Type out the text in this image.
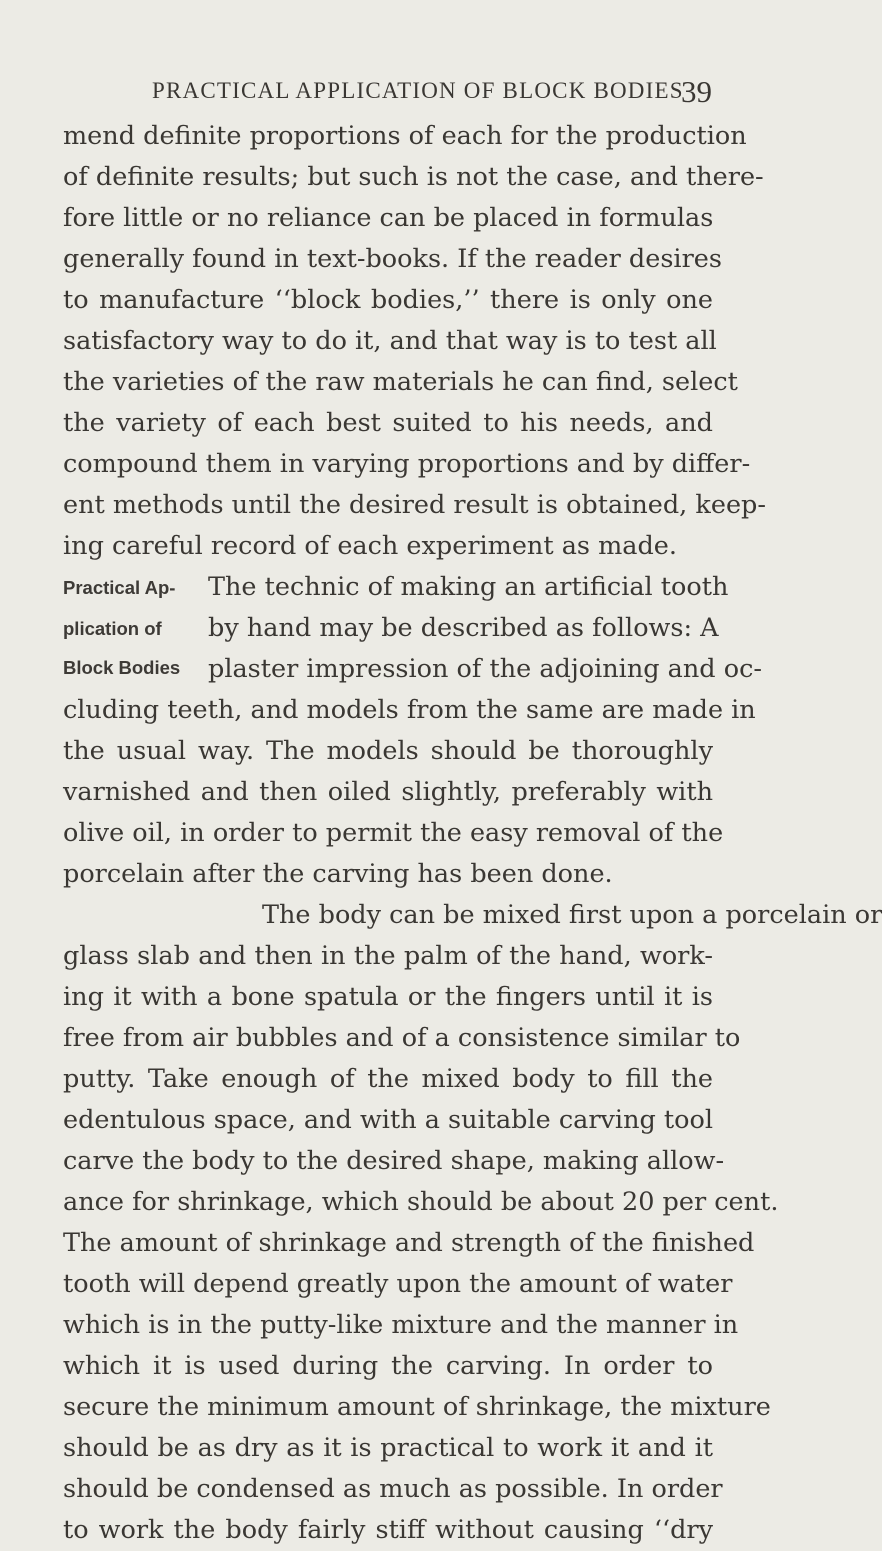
PRACTICAL APPLICATION OF BLOCK BODIES
39
mend definite proportions of each for the production
of definite results; but such is not the case, and there-
fore little or no reliance can be placed in formulas
generally found in text-books. If the reader desires
to manufacture ‘‘block bodies,’’ there is only one
satisfactory way to do it, and that way is to test all
the varieties of the raw materials he can find, select
the variety of each best suited to his needs, and
compound them in varying proportions and by differ-
ent methods until the desired result is obtained, keep-
ing careful record of each experiment as made.
Practical Ap-
plication of
Block Bodies
The technic of making an artificial tooth
by hand may be described as follows: A
plaster impression of the adjoining and oc-
cluding teeth, and models from the same are made in
the usual way. The models should be thoroughly
varnished and then oiled slightly, preferably with
olive oil, in order to permit the easy removal of the
porcelain after the carving has been done.
The body can be mixed first upon a porcelain or
glass slab and then in the palm of the hand, work-
ing it with a bone spatula or the fingers until it is
free from air bubbles and of a consistence similar to
putty. Take enough of the mixed body to fill the
edentulous space, and with a suitable carving tool
carve the body to the desired shape, making allow-
ance for shrinkage, which should be about 20 per cent.
The amount of shrinkage and strength of the finished
tooth will depend greatly upon the amount of water
which is in the putty-like mixture and the manner in
which it is used during the carving. In order to
secure the minimum amount of shrinkage, the mixture
should be as dry as it is practical to work it and it
should be condensed as much as possible. In order
to work the body fairly stiff without causing ‘‘dry
